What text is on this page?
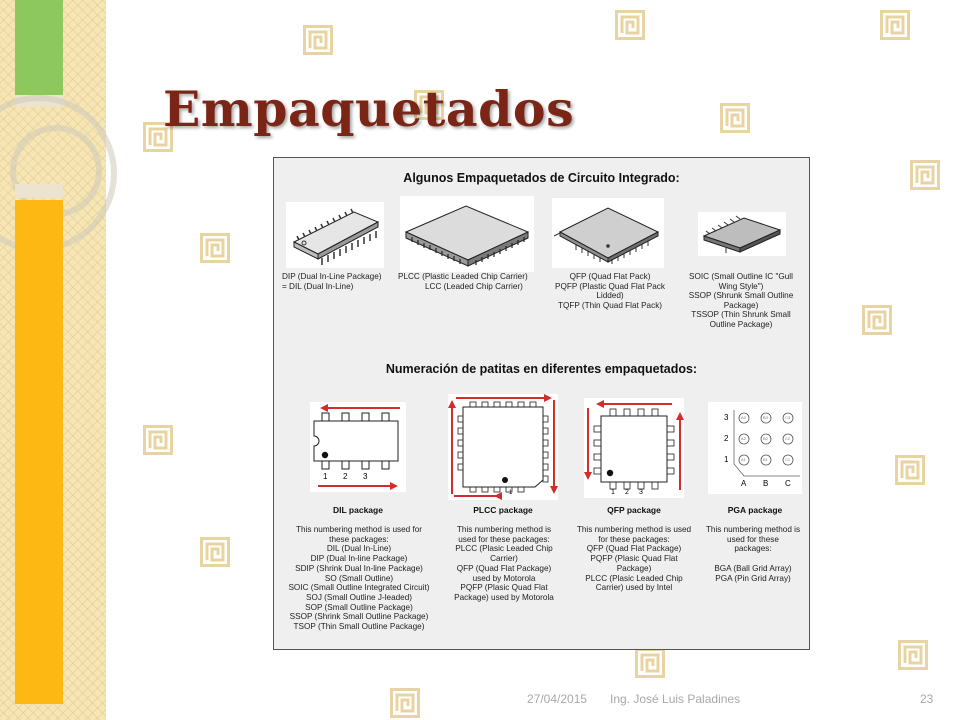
Empaquetados
Algunos Empaquetados de Circuito Integrado:
DIP (Dual In-Line Package)
= DIL (Dual In-Line)
PLCC (Plastic Leaded Chip Carrier)
LCC (Leaded Chip Carrier)
QFP (Quad Flat Pack)
PQFP (Plastic Quad Flat Pack
Lidded)
TQFP (Thin Quad Flat Pack)
SOIC (Small Outline IC "Gull
Wing Style")
SSOP (Shrunk Small Outline
Package)
TSSOP (Thin Shrunk Small
Outline Package)
Numeración de patitas en diferentes empaquetados:
1 2 3
1	1 2 3
3
2
1
A B C
A3	B3	C3
A2	B2	C2
A1	B1	C1
DIL package	PLCC package	QFP package	PGA package
This numbering method is used for
these packages:
DIL (Dual In-Line)
DIP (Dual In-line Package)
SDIP (Shrink Dual In-line Package)
SO (Small Outline)
SOIC (Small Outline Integrated Circuit)
SOJ (Small Outline J-leaded)
SOP (Small Outline Package)
SSOP (Shrink Small Outline Package)
TSOP (Thin Small Outline Package)
This numbering method is
used for these packages:
PLCC (Plasic Leaded Chip
Carrier)
QFP (Quad Flat Package)
used by Motorola
PQFP (Plasic Quad Flat
Package) used by Motorola
This numbering method is used
for these packages:
QFP (Quad Flat Package)
PQFP (Plasic Quad Flat
Package)
PLCC (Plasic Leaded Chip
Carrier) used by Intel
This numbering method is
used for these
packages:
BGA (Ball Grid Array)
PGA (Pin Grid Array)
27/04/2015 Ing. José Luis Paladines	23
